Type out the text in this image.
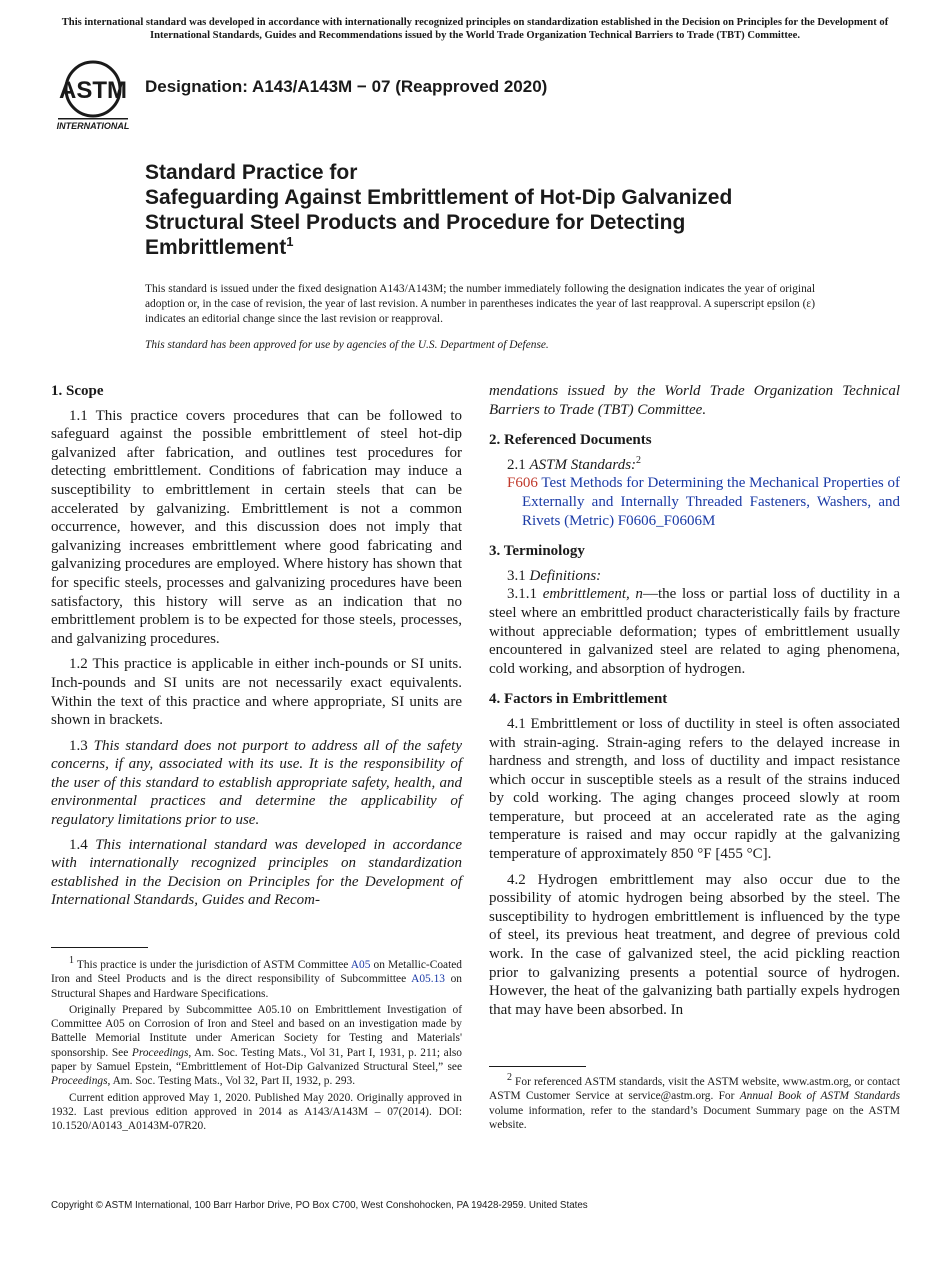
This international standard was developed in accordance with internationally recognized principles on standardization established in the Decision on Principles for the Development of International Standards, Guides and Recommendations issued by the World Trade Organization Technical Barriers to Trade (TBT) Committee.
ASTM
INTERNATIONAL
Designation: A143/A143M − 07 (Reapproved 2020)
Standard Practice for
Safeguarding Against Embrittlement of Hot-Dip Galvanized
Structural Steel Products and Procedure for Detecting
Embrittlement$^1$
This standard is issued under the fixed designation A143/A143M; the number immediately following the designation indicates the year of original adoption or, in the case of revision, the year of last revision. A number in parentheses indicates the year of last reapproval. A superscript epsilon (ε) indicates an editorial change since the last revision or reapproval.
This standard has been approved for use by agencies of the U.S. Department of Defense.
1. Scope

1.1 This practice covers procedures that can be followed to safeguard against the possible embrittlement of steel hot-dip galvanized after fabrication, and outlines test procedures for detecting embrittlement. Conditions of fabrication may induce a susceptibility to embrittlement in certain steels that can be accelerated by galvanizing. Embrittlement is not a common occurrence, however, and this discussion does not imply that galvanizing increases embrittlement where good fabricating and galvanizing procedures are employed. Where history has shown that for specific steels, processes and galvanizing procedures have been satisfactory, this history will serve as an indication that no embrittlement problem is to be expected for those steels, processes, and galvanizing procedures.

1.2 This practice is applicable in either inch-pounds or SI units. Inch-pounds and SI units are not necessarily exact equivalents. Within the text of this practice and where appropriate, SI units are shown in brackets.

1.3 This standard does not purport to address all of the safety concerns, if any, associated with its use. It is the responsibility of the user of this standard to establish appropriate safety, health, and environmental practices and determine the applicability of regulatory limitations prior to use.

1.4 This international standard was developed in accordance with internationally recognized principles on standardization established in the Decision on Principles for the Development of International Standards, Guides and Recom-

$^1$ This practice is under the jurisdiction of ASTM Committee A05 on Metallic-Coated Iron and Steel Products and is the direct responsibility of Subcommittee A05.13 on Structural Shapes and Hardware Specifications.

Originally Prepared by Subcommittee A05.10 on Embrittlement Investigation of Committee A05 on Corrosion of Iron and Steel and based on an investigation made by Battelle Memorial Institute under American Society for Testing and Materials' sponsorship. See Proceedings, Am. Soc. Testing Mats., Vol 31, Part I, 1931, p. 211; also paper by Samuel Epstein, “Embrittlement of Hot-Dip Galvanized Structural Steel,” see Proceedings, Am. Soc. Testing Mats., Vol 32, Part II, 1932, p. 293.

Current edition approved May 1, 2020. Published May 2020. Originally approved in 1932. Last previous edition approved in 2014 as A143/A143M – 07(2014). DOI: 10.1520/A0143_A0143M-07R20.

mendations issued by the World Trade Organization Technical Barriers to Trade (TBT) Committee.

2. Referenced Documents

2.1 ASTM Standards:$^2$

F606 Test Methods for Determining the Mechanical Properties of Externally and Internally Threaded Fasteners, Washers, and Rivets (Metric) F0606_F0606M

3. Terminology

3.1 Definitions:

3.1.1 embrittlement, n—the loss or partial loss of ductility in a steel where an embrittled product characteristically fails by fracture without appreciable deformation; types of embrittlement usually encountered in galvanized steel are related to aging phenomena, cold working, and absorption of hydrogen.

4. Factors in Embrittlement

4.1 Embrittlement or loss of ductility in steel is often associated with strain-aging. Strain-aging refers to the delayed increase in hardness and strength, and loss of ductility and impact resistance which occur in susceptible steels as a result of the strains induced by cold working. The aging changes proceed slowly at room temperature, but proceed at an accelerated rate as the aging temperature is raised and may occur rapidly at the galvanizing temperature of approximately 850 °F [455 °C].

4.2 Hydrogen embrittlement may also occur due to the possibility of atomic hydrogen being absorbed by the steel. The susceptibility to hydrogen embrittlement is influenced by the type of steel, its previous heat treatment, and degree of previous cold work. In the case of galvanized steel, the acid pickling reaction prior to galvanizing presents a potential source of hydrogen. However, the heat of the galvanizing bath partially expels hydrogen that may have been absorbed. In

$^2$ For referenced ASTM standards, visit the ASTM website, www.astm.org, or contact ASTM Customer Service at service@astm.org. For Annual Book of ASTM Standards volume information, refer to the standard’s Document Summary page on the ASTM website.

Copyright © ASTM International, 100 Barr Harbor Drive, PO Box C700, West Conshohocken, PA 19428-2959. United States
